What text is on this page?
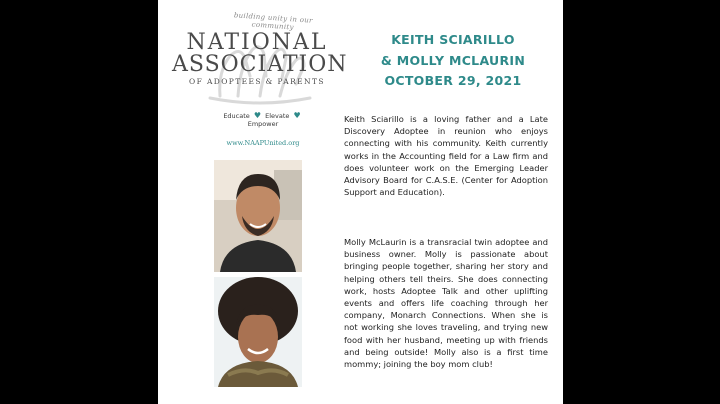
building unity in our community
NATIONAL
ASSOCIATION
OF ADOPTEES & PARENTS
Educate ♥ Elevate ♥ Empower
www.NAAPUnited.org
KEITH SCIARILLO
& MOLLY MCLAURIN
OCTOBER 29, 2021
Keith Sciarillo is a loving father and a Late Discovery Adoptee in reunion who enjoys connecting with his community. Keith currently works in the Accounting field for a Law firm and does volunteer work on the Emerging Leader Advisory Board for C.A.S.E. (Center for Adoption Support and Education).
Molly McLaurin is a transracial twin adoptee and business owner. Molly is passionate about bringing people together, sharing her story and helping others tell theirs. She does connecting work, hosts Adoptee Talk and other uplifting events and offers life coaching through her company, Monarch Connections. When she is not working she loves traveling, and trying new food with her husband, meeting up with friends and being outside! Molly also is a first time mommy; joining the boy mom club!
